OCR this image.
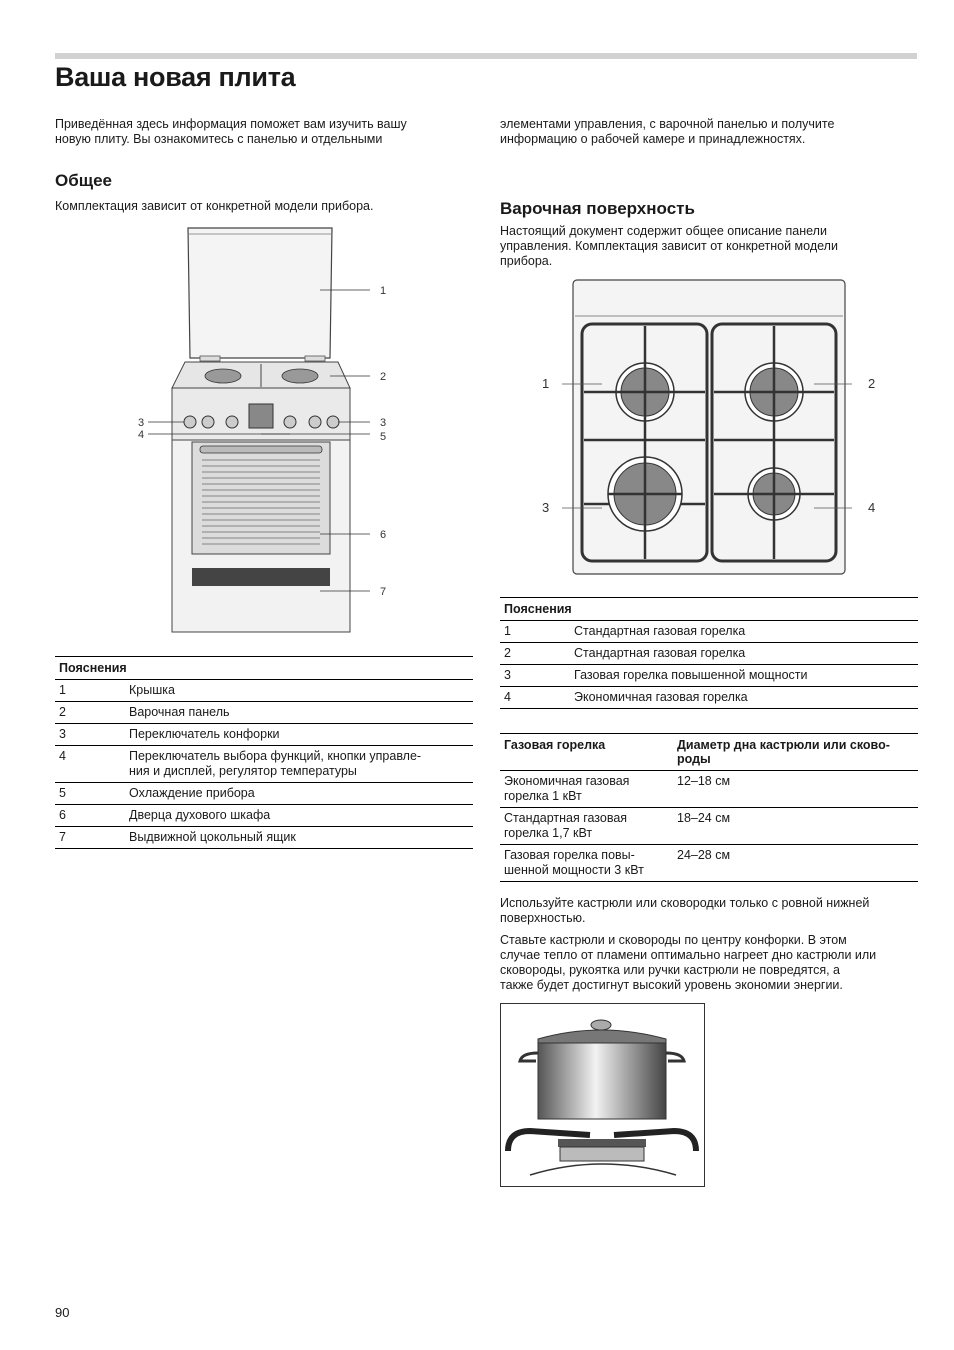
Ваша новая плита

Приведённая здесь информация поможет вам изучить вашу
новую плиту. Вы ознакомитесь с панелью и отдельными

элементами управления, с варочной панелью и получите
информацию о рабочей камере и принадлежностях.

Общее

Комплектация зависит от конкретной модели прибора.

1
2
3	3
4	5
6
7
Пояснения	
1	Крышка
2	Варочная панель
3	Переключатель конфорки
4	Переключатель выбора функций, кнопки управле-
ния и дисплей, регулятор температуры
5	Охлаждение прибора
6	Дверца духового шкафа
7	Выдвижной цокольный ящик
Варочная поверхность

Настоящий документ содержит общее описание панели
управления. Комплектация зависит от конкретной модели
прибора.

1	2
3	4
Пояснения	
1	Стандартная газовая горелка
2	Стандартная газовая горелка
3	Газовая горелка повышенной мощности
4	Экономичная газовая горелка
Газовая горелка	Диаметр дна кастрюли или сково-
роды
Экономичная газовая
горелка 1 кВт	12–18 см
Стандартная газовая
горелка 1,7 кВт	18–24 см
Газовая горелка повы-
шенной мощности 3 кВт	24–28 см

Используйте кастрюли или сковородки только с ровной нижней
поверхностью.

Ставьте кастрюли и сковороды по центру конфорки. В этом
случае тепло от пламени оптимально нагреет дно кастрюли или
сковороды, рукоятка или ручки кастрюли не повредятся, а
также будет достигнут высокий уровень экономии энергии.

90
